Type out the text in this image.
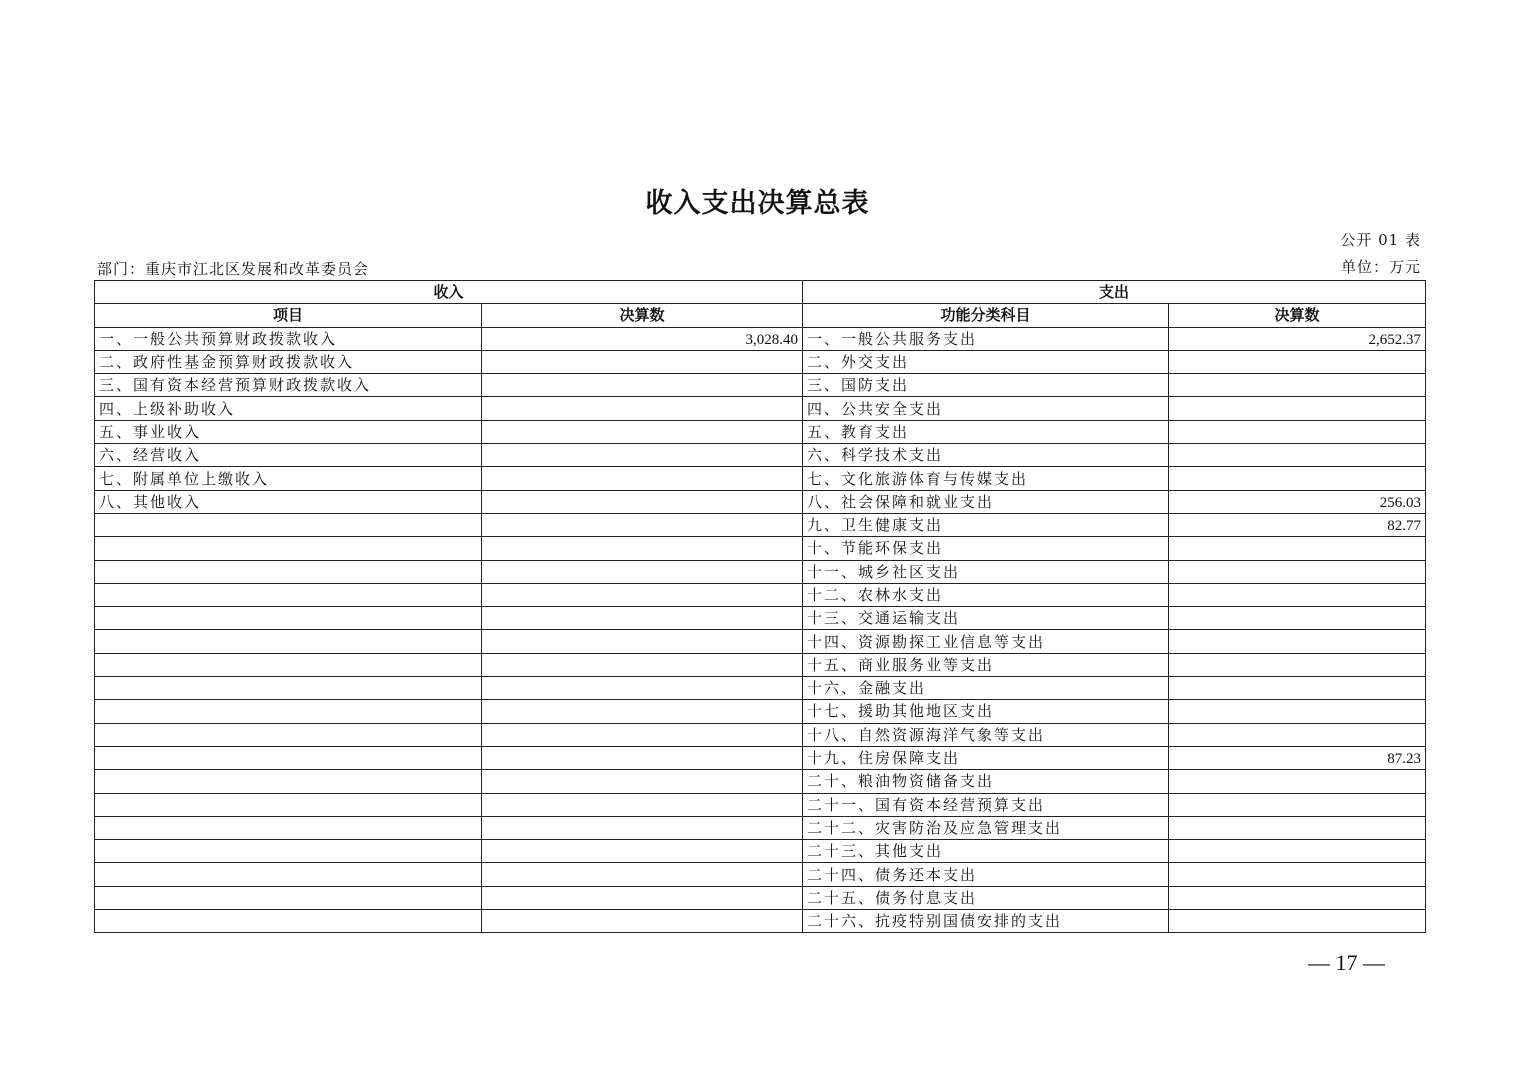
收入支出决算总表
公开 01 表
部门：重庆市江北区发展和改革委员会	单位：万元
收入		支出	
项目	决算数	功能分类科目	决算数
一、一般公共预算财政拨款收入	3,028.40	一、一般公共服务支出	2,652.37
二、政府性基金预算财政拨款收入		二、外交支出	
三、国有资本经营预算财政拨款收入		三、国防支出	
四、上级补助收入		四、公共安全支出	
五、事业收入		五、教育支出	
六、经营收入		六、科学技术支出	
七、附属单位上缴收入		七、文化旅游体育与传媒支出	
八、其他收入		八、社会保障和就业支出	256.03
		九、卫生健康支出	82.77
		十、节能环保支出	
		十一、城乡社区支出	
		十二、农林水支出	
		十三、交通运输支出	
		十四、资源勘探工业信息等支出	
		十五、商业服务业等支出	
		十六、金融支出	
		十七、援助其他地区支出	
		十八、自然资源海洋气象等支出	
		十九、住房保障支出	87.23
		二十、粮油物资储备支出	
		二十一、国有资本经营预算支出	
		二十二、灾害防治及应急管理支出	
		二十三、其他支出	
		二十四、债务还本支出	
		二十五、债务付息支出	
		二十六、抗疫特别国债安排的支出	
— 17 —
